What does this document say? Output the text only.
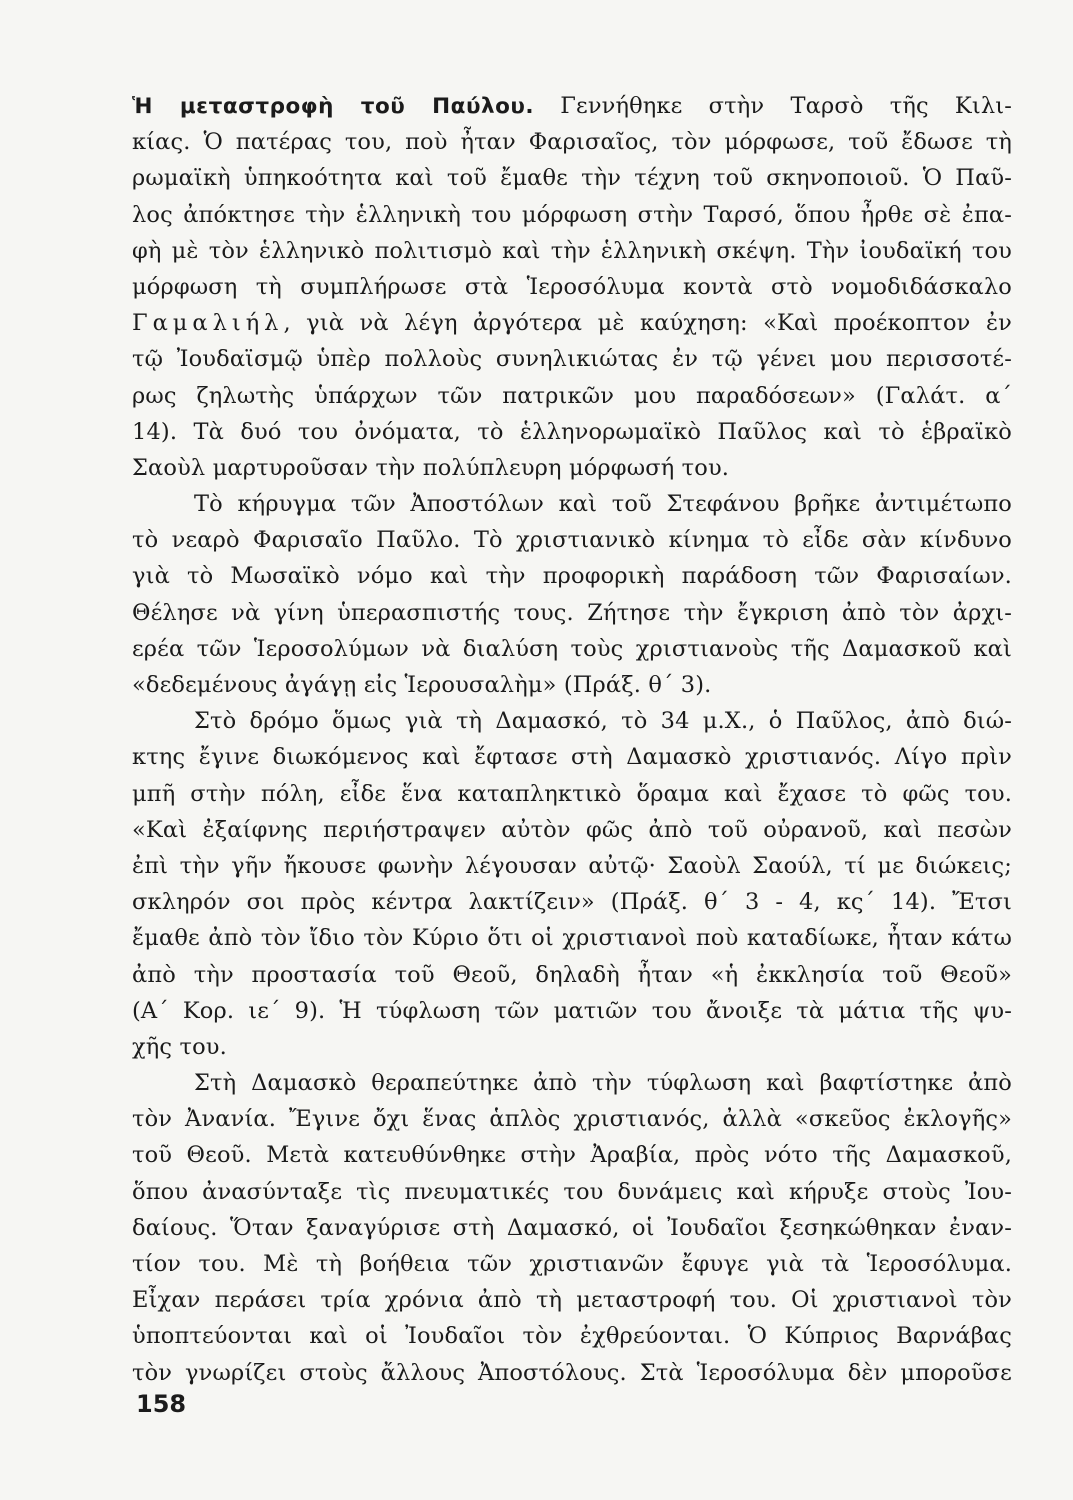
Ἡ μεταστροφὴ τοῦ Παύλου. Γεννήθηκε στὴν Ταρσὸ τῆς Κιλι-
κίας. Ὁ πατέρας του, ποὺ ἦταν Φαρισαῖος, τὸν μόρφωσε, τοῦ ἔδωσε τὴ
ρωμαϊκὴ ὑπηκοότητα καὶ τοῦ ἔμαθε τὴν τέχνη τοῦ σκηνοποιοῦ. Ὁ Παῦ-
λος ἀπόκτησε τὴν ἑλληνικὴ του μόρφωση στὴν Ταρσό, ὅπου ἦρθε σὲ ἐπα-
φὴ μὲ τὸν ἑλληνικὸ πολιτισμὸ καὶ τὴν ἑλληνικὴ σκέψη. Τὴν ἰουδαϊκή του
μόρφωση τὴ συμπλήρωσε στὰ Ἱεροσόλυμα κοντὰ στὸ νομοδιδάσκαλο
Γαμαλιήλ, γιὰ νὰ λέγη ἀργότερα μὲ καύχηση: «Καὶ προέκοπτον ἐν
τῷ Ἰουδαϊσμῷ ὑπὲρ πολλοὺς συνηλικιώτας ἐν τῷ γένει μου περισσοτέ-
ρως ζηλωτὴς ὑπάρχων τῶν πατρικῶν μου παραδόσεων» (Γαλάτ. α΄
14). Τὰ δυό του ὀνόματα, τὸ ἑλληνορωμαϊκὸ Παῦλος καὶ τὸ ἑβραϊκὸ
Σαοὺλ μαρτυροῦσαν τὴν πολύπλευρη μόρφωσή του.
Τὸ κήρυγμα τῶν Ἀποστόλων καὶ τοῦ Στεφάνου βρῆκε ἀντιμέτωπο
τὸ νεαρὸ Φαρισαῖο Παῦλο. Τὸ χριστιανικὸ κίνημα τὸ εἶδε σὰν κίνδυνο
γιὰ τὸ Μωσαϊκὸ νόμο καὶ τὴν προφορικὴ παράδοση τῶν Φαρισαίων.
Θέλησε νὰ γίνη ὑπερασπιστής τους. Ζήτησε τὴν ἔγκριση ἀπὸ τὸν ἀρχι-
ερέα τῶν Ἱεροσολύμων νὰ διαλύση τοὺς χριστιανοὺς τῆς Δαμασκοῦ καὶ
«δεδεμένους ἀγάγῃ εἰς Ἱερουσαλὴμ» (Πράξ. θ΄ 3).
Στὸ δρόμο ὅμως γιὰ τὴ Δαμασκό, τὸ 34 μ.Χ., ὁ Παῦλος, ἀπὸ διώ-
κτης ἔγινε διωκόμενος καὶ ἔφτασε στὴ Δαμασκὸ χριστιανός. Λίγο πρὶν
μπῆ στὴν πόλη, εἶδε ἕνα καταπληκτικὸ ὅραμα καὶ ἔχασε τὸ φῶς του.
«Καὶ ἐξαίφνης περιήστραψεν αὐτὸν φῶς ἀπὸ τοῦ οὐρανοῦ, καὶ πεσὼν
ἐπὶ τὴν γῆν ἤκουσε φωνὴν λέγουσαν αὐτῷ· Σαοὺλ Σαούλ, τί με διώκεις;
σκληρόν σοι πρὸς κέντρα λακτίζειν» (Πράξ. θ΄ 3 - 4, κς΄ 14). Ἔτσι
ἔμαθε ἀπὸ τὸν ἴδιο τὸν Κύριο ὅτι οἱ χριστιανοὶ ποὺ καταδίωκε, ἦταν κάτω
ἀπὸ τὴν προστασία τοῦ Θεοῦ, δηλαδὴ ἦταν «ἡ ἐκκλησία τοῦ Θεοῦ»
(Α΄ Κορ. ιε΄ 9). Ἡ τύφλωση τῶν ματιῶν του ἄνοιξε τὰ μάτια τῆς ψυ-
χῆς του.
Στὴ Δαμασκὸ θεραπεύτηκε ἀπὸ τὴν τύφλωση καὶ βαφτίστηκε ἀπὸ
τὸν Ἀνανία. Ἔγινε ὄχι ἕνας ἁπλὸς χριστιανός, ἀλλὰ «σκεῦος ἐκλογῆς»
τοῦ Θεοῦ. Μετὰ κατευθύνθηκε στὴν Ἀραβία, πρὸς νότο τῆς Δαμασκοῦ,
ὅπου ἀνασύνταξε τὶς πνευματικές του δυνάμεις καὶ κήρυξε στοὺς Ἰου-
δαίους. Ὅταν ξαναγύρισε στὴ Δαμασκό, οἱ Ἰουδαῖοι ξεσηκώθηκαν ἐναν-
τίον του. Μὲ τὴ βοήθεια τῶν χριστιανῶν ἔφυγε γιὰ τὰ Ἱεροσόλυμα.
Εἶχαν περάσει τρία χρόνια ἀπὸ τὴ μεταστροφή του. Οἱ χριστιανοὶ τὸν
ὑποπτεύονται καὶ οἱ Ἰουδαῖοι τὸν ἐχθρεύονται. Ὁ Κύπριος Βαρνάβας
τὸν γνωρίζει στοὺς ἄλλους Ἀποστόλους. Στὰ Ἱεροσόλυμα δὲν μποροῦσε
158
